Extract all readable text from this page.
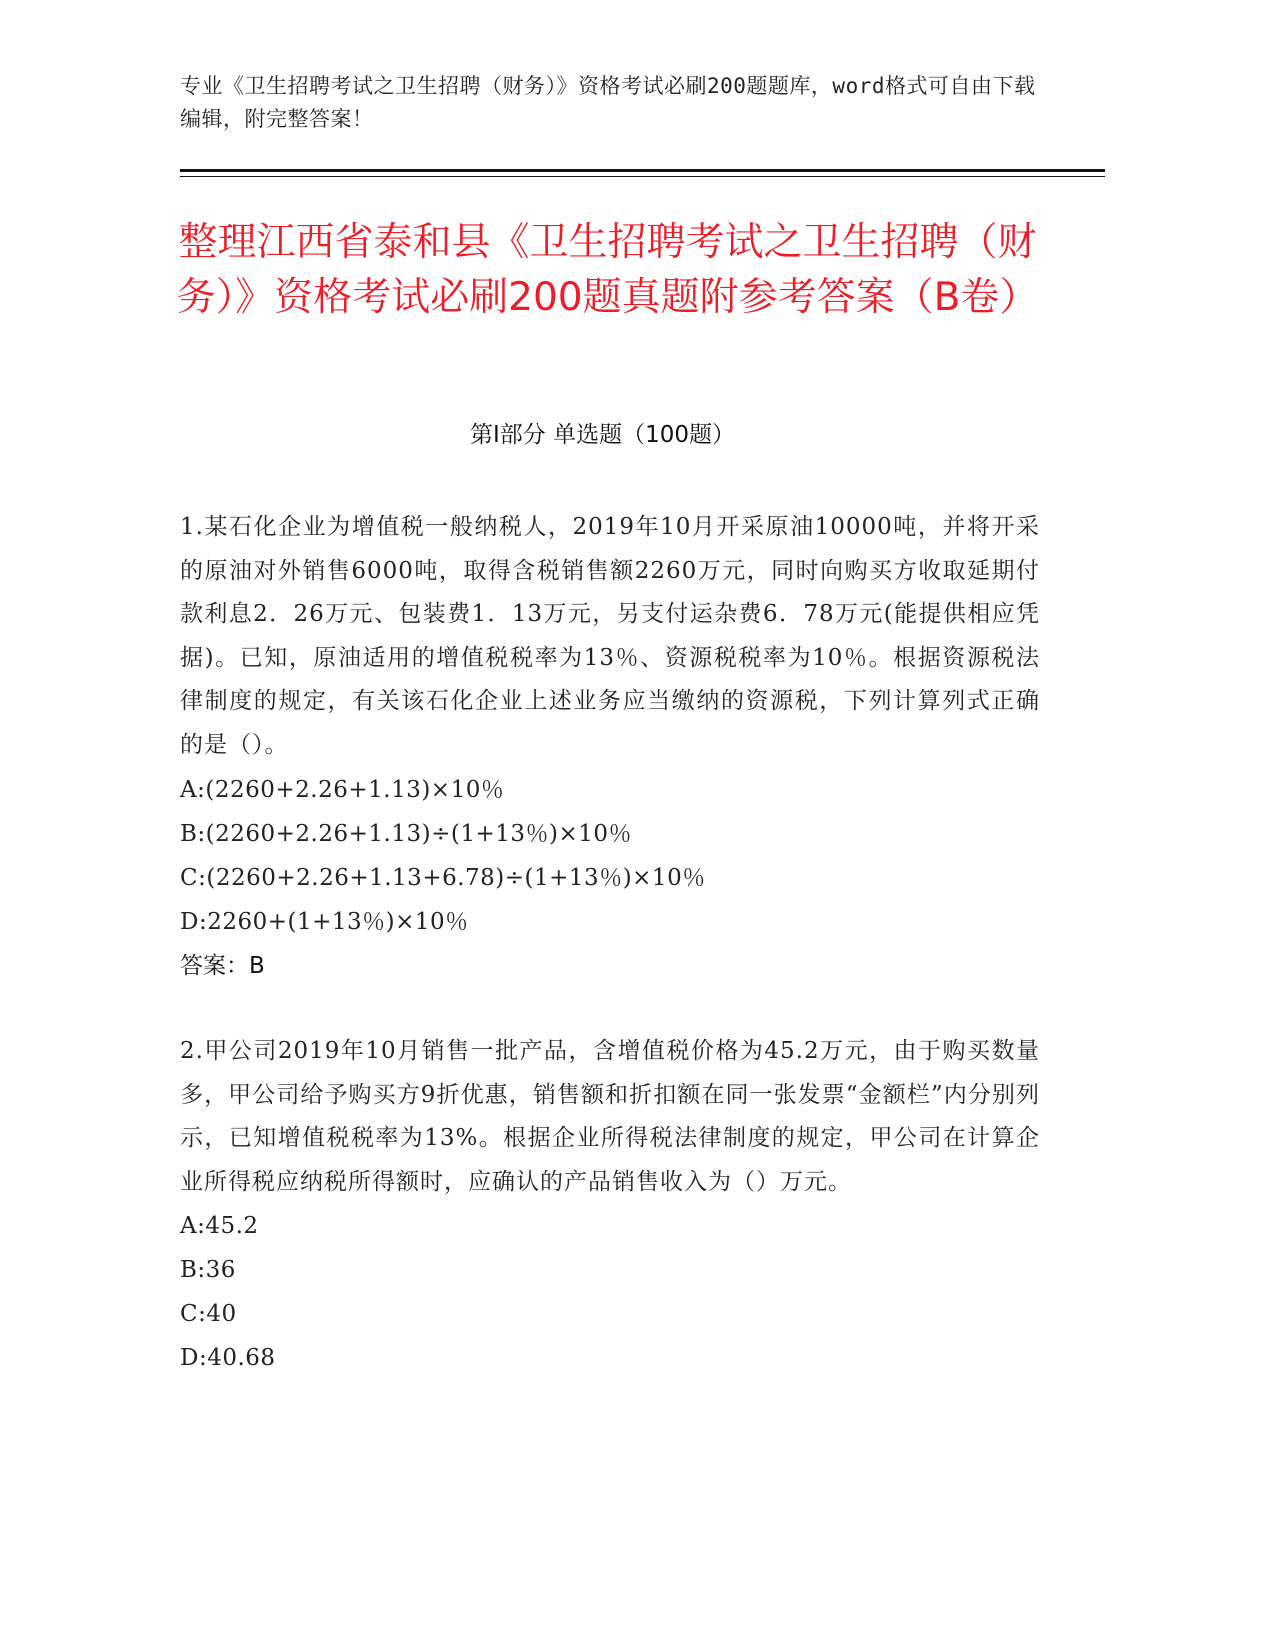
专业《卫生招聘考试之卫生招聘（财务）》资格考试必刷200题题库，word格式可自由下载编辑，附完整答案！
整理江西省泰和县《卫生招聘考试之卫生招聘（财务）》资格考试必刷200题真题附参考答案（B卷）
第Ⅰ部分 单选题（100题）

1.某石化企业为增值税一般纳税人，2019年10月开采原油10000吨，并将开采的原油对外销售6000吨，取得含税销售额2260万元，同时向购买方收取延期付款利息2．26万元、包装费1．13万元，另支付运杂费6．78万元(能提供相应凭据)。已知，原油适用的增值税税率为13％、资源税税率为10％。根据资源税法律制度的规定，有关该石化企业上述业务应当缴纳的资源税，下列计算列式正确的是（）。

A:(2260+2.26+1.13)×10％

B:(2260+2.26+1.13)÷(1+13％)×10％

C:(2260+2.26+1.13+6.78)÷(1+13％)×10％

D:2260+(1+13％)×10％

答案：B

2.甲公司2019年10月销售一批产品，含增值税价格为45.2万元，由于购买数量多，甲公司给予购买方9折优惠，销售额和折扣额在同一张发票“金额栏”内分别列示，已知增值税税率为13%。根据企业所得税法律制度的规定，甲公司在计算企业所得税应纳税所得额时，应确认的产品销售收入为（）万元。

A:45.2

B:36

C:40

D:40.68
